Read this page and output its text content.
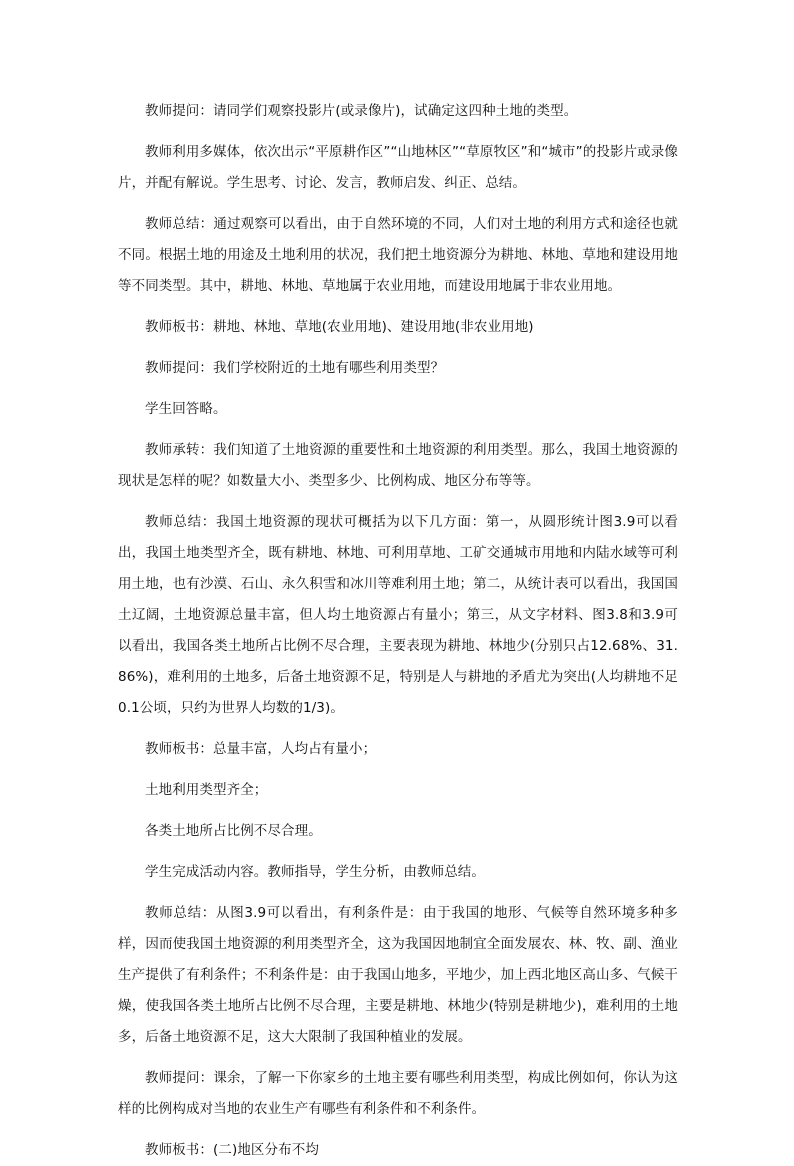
教师提问：请同学们观察投影片(或录像片)，试确定这四种土地的类型。

教师利用多媒体，依次出示“平原耕作区”“山地林区”“草原牧区”和“城市”的投影片或录像片，并配有解说。学生思考、讨论、发言，教师启发、纠正、总结。

教师总结：通过观察可以看出，由于自然环境的不同，人们对土地的利用方式和途径也就不同。根据土地的用途及土地利用的状况，我们把土地资源分为耕地、林地、草地和建设用地等不同类型。其中，耕地、林地、草地属于农业用地，而建设用地属于非农业用地。

教师板书：耕地、林地、草地(农业用地)、建设用地(非农业用地)

教师提问：我们学校附近的土地有哪些利用类型？

学生回答略。

教师承转：我们知道了土地资源的重要性和土地资源的利用类型。那么，我国土地资源的现状是怎样的呢？如数量大小、类型多少、比例构成、地区分布等等。

教师总结：我国土地资源的现状可概括为以下几方面：第一，从圆形统计图3.9可以看出，我国土地类型齐全，既有耕地、林地、可利用草地、工矿交通城市用地和内陆水域等可利用土地，也有沙漠、石山、永久积雪和冰川等难利用土地；第二，从统计表可以看出，我国国土辽阔，土地资源总量丰富，但人均土地资源占有量小；第三，从文字材料、图3.8和3.9可以看出，我国各类土地所占比例不尽合理，主要表现为耕地、林地少(分别只占12.68%、31.86%)，难利用的土地多，后备土地资源不足，特别是人与耕地的矛盾尤为突出(人均耕地不足0.1公顷，只约为世界人均数的1/3)。

教师板书：总量丰富，人均占有量小；

土地利用类型齐全；

各类土地所占比例不尽合理。

学生完成活动内容。教师指导，学生分析，由教师总结。

教师总结：从图3.9可以看出，有利条件是：由于我国的地形、气候等自然环境多种多样，因而使我国土地资源的利用类型齐全，这为我国因地制宜全面发展农、林、牧、副、渔业生产提供了有利条件；不利条件是：由于我国山地多，平地少，加上西北地区高山多、气候干燥，使我国各类土地所占比例不尽合理，主要是耕地、林地少(特别是耕地少)，难利用的土地多，后备土地资源不足，这大大限制了我国种植业的发展。

教师提问：课余，了解一下你家乡的土地主要有哪些利用类型，构成比例如何，你认为这样的比例构成对当地的农业生产有哪些有利条件和不利条件。

教师板书：(二)地区分布不均
